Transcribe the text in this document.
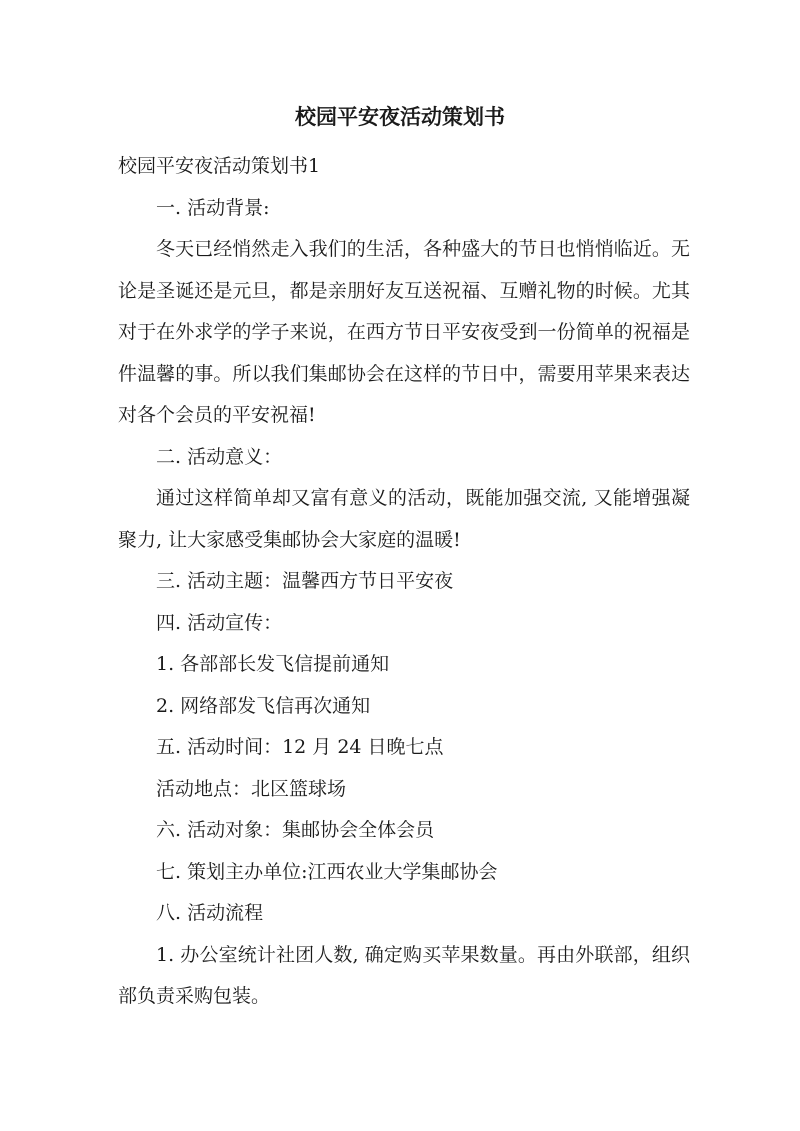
校园平安夜活动策划书

校园平安夜活动策划书1

一. 活动背景:

冬天已经悄然走入我们的生活，各种盛大的节日也悄悄临近。无论是圣诞还是元旦，都是亲朋好友互送祝福、互赠礼物的时候。尤其对于在外求学的学子来说，在西方节日平安夜受到一份简单的祝福是件温馨的事。所以我们集邮协会在这样的节日中，需要用苹果来表达对各个会员的平安祝福!

二. 活动意义：

通过这样简单却又富有意义的活动，既能加强交流, 又能增强凝聚力, 让大家感受集邮协会大家庭的温暖!

三. 活动主题：温馨西方节日平安夜

四. 活动宣传：

1. 各部部长发飞信提前通知

2. 网络部发飞信再次通知

五. 活动时间：12 月 24 日晚七点

活动地点：北区篮球场

六. 活动对象：集邮协会全体会员

七. 策划主办单位:江西农业大学集邮协会

八. 活动流程

1. 办公室统计社团人数, 确定购买苹果数量。再由外联部，组织部负责采购包装。
